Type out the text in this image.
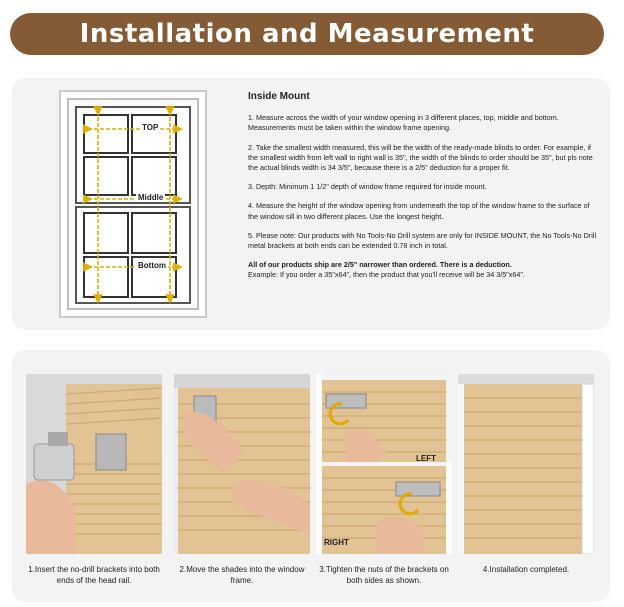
Installation and Measurement
TOP
Middle
Bottom
Inside Mount

1. Measure across the width of your window opening in 3 different places, top, middle and bottom. Measurements must be taken within the window frame opening.

2. Take the smallest width measured, this will be the width of the ready-made blinds to order. For example, if the smallest width from left wall to right wall is 35", the width of the blinds to order should be 35", but pls note the actual blinds width is 34 3/5", because there is a 2/5" deduction for a proper fit.

3. Depth: Minimum 1 1/2" depth of window frame required for inside mount.

4. Measure the height of the window opening from underneath the top of the window frame to the surface of the window sill in two different places. Use the longest height.

5. Please note: Our products with No Tools-No Drill system are only for INSIDE MOUNT, the No Tools-No Drill metal brackets at both ends can be extended 0.78 inch in total.

All of our products ship are 2/5" narrower than ordered. There is a deduction.

Example: If you order a 35"x64", then the product that you'll receive will be 34 3/5"x64".

1.Insert the no-drill brackets into both ends of the head rail.
2.Move the shades into the window frame.
LEFT
RIGHT
3.Tighten the nuts of the brackets on both sides as shown.
4.Installation completed.
